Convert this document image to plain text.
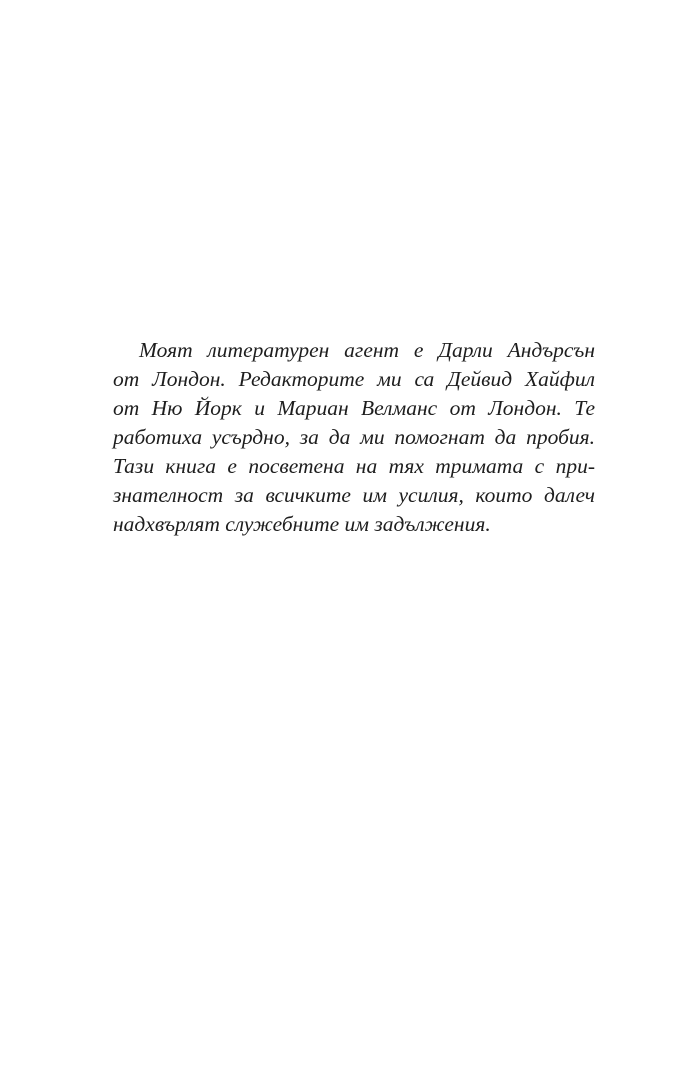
Моят литературен агент е Дарли Андърсън
от Лондон. Редакторите ми са Дейвид Хайфил
от Ню Йорк и Мариан Велманс от Лондон. Те
работиха усърдно, за да ми помогнат да пробия.
Тази книга е посветена на тях тримата с при-
знателност за всичките им усилия, които далеч
надхвърлят служебните им задължения.
